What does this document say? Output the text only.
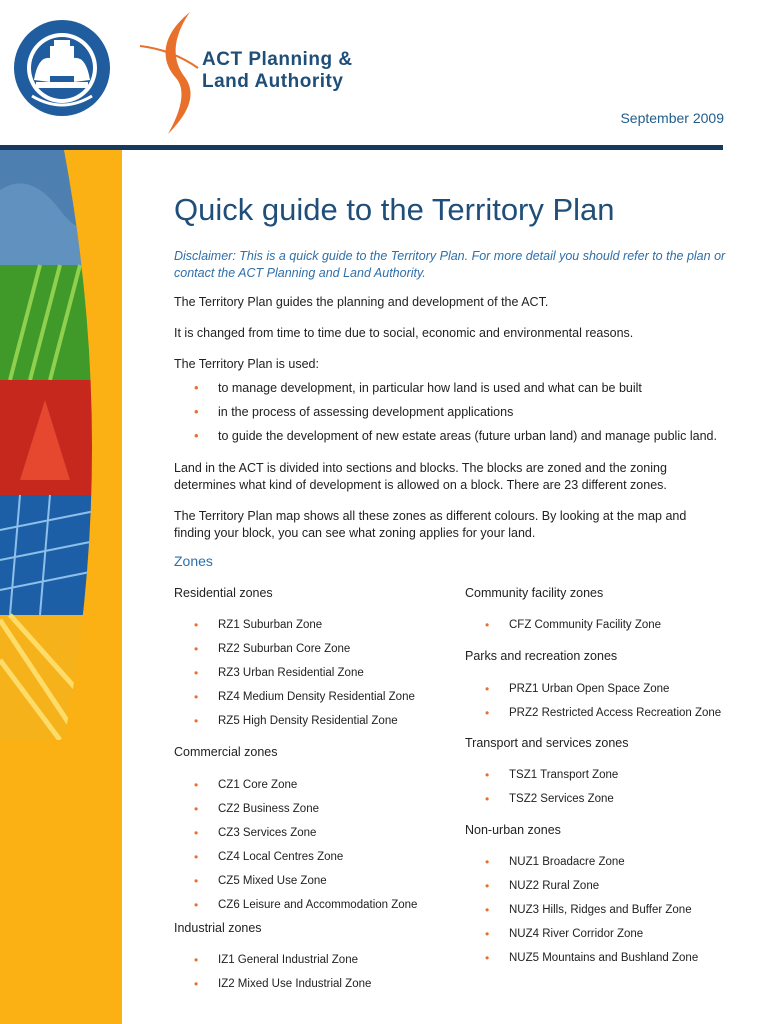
ACT Planning &
Land Authority
September 2009
Quick guide to the Territory Plan

Disclaimer: This is a quick guide to the Territory Plan. For more detail you should refer to the plan or contact the ACT Planning and Land Authority.

The Territory Plan guides the planning and development of the ACT.

It is changed from time to time due to social, economic and environmental reasons.

The Territory Plan is used:

• to manage development, in particular how land is used and what can be built
• in the process of assessing development applications
• to guide the development of new estate areas (future urban land) and manage public land.

Land in the ACT is divided into sections and blocks. The blocks are zoned and the zoning determines what kind of development is allowed on a block. There are 23 different zones.

The Territory Plan map shows all these zones as different colours. By looking at the map and finding your block, you can see what zoning applies for your land.

Zones
Residential zones
• RZ1 Suburban Zone
• RZ2 Suburban Core Zone
• RZ3 Urban Residential Zone
• RZ4 Medium Density Residential Zone
• RZ5 High Density Residential Zone
Commercial zones
• CZ1 Core Zone
• CZ2 Business Zone
• CZ3 Services Zone
• CZ4 Local Centres Zone
• CZ5 Mixed Use Zone
• CZ6 Leisure and Accommodation Zone
Industrial zones
• IZ1 General Industrial Zone
• IZ2 Mixed Use Industrial Zone
Community facility zones
• CFZ Community Facility Zone
Parks and recreation zones
• PRZ1 Urban Open Space Zone
• PRZ2 Restricted Access Recreation Zone
Transport and services zones
• TSZ1 Transport Zone
• TSZ2 Services Zone
Non-urban zones
• NUZ1 Broadacre Zone
• NUZ2 Rural Zone
• NUZ3 Hills, Ridges and Buffer Zone
• NUZ4 River Corridor Zone
• NUZ5 Mountains and Bushland Zone
